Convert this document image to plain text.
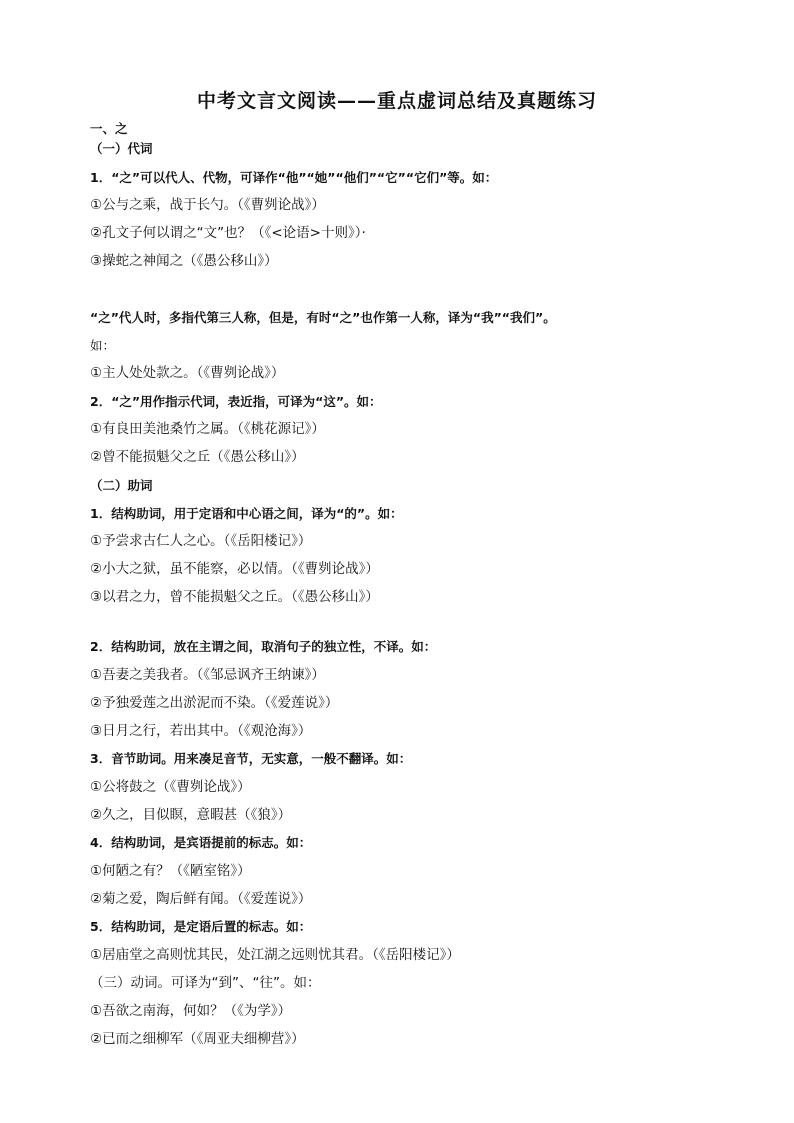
中考文言文阅读——重点虚词总结及真题练习
一、之
（一）代词
1．“之”可以代人、代物，可译作“他”“她”“他们”“它”“它们”等。如：
①公与之乘，战于长勺。（《曹刿论战》）
②孔文子何以谓之“文”也？（《<论语>十则》）·
③操蛇之神闻之（《愚公移山》）
“之”代人时，多指代第三人称，但是，有时“之”也作第一人称，译为“我”“我们”。
如：
①主人处处款之。（《曹刿论战》）
2．“之”用作指示代词，表近指，可译为“这”。如：
①有良田美池桑竹之属。（《桃花源记》）
②曾不能损魁父之丘（《愚公移山》）
（二）助词
1．结构助词，用于定语和中心语之间，译为“的”。如：
①予尝求古仁人之心。（《岳阳楼记》）
②小大之狱，虽不能察，必以情。（《曹刿论战》）
③以君之力，曾不能损魁父之丘。（《愚公移山》）
2．结构助词，放在主谓之间，取消句子的独立性，不译。如：
①吾妻之美我者。（《邹忌讽齐王纳谏》）
②予独爱莲之出淤泥而不染。（《爱莲说》）
③日月之行，若出其中。（《观沧海》）
3．音节助词。用来凑足音节，无实意，一般不翻译。如：
①公将鼓之（《曹刿论战》）
②久之，目似瞑，意暇甚（《狼》）
4．结构助词，是宾语提前的标志。如：
①何陋之有？（《陋室铭》）
②菊之爱，陶后鲜有闻。（《爱莲说》）
5．结构助词，是定语后置的标志。如：
①居庙堂之高则忧其民，处江湖之远则忧其君。（《岳阳楼记》）
（三）动词。可译为“到”、“往”。如：
①吾欲之南海，何如？（《为学》）
②已而之细柳军（《周亚夫细柳营》）
